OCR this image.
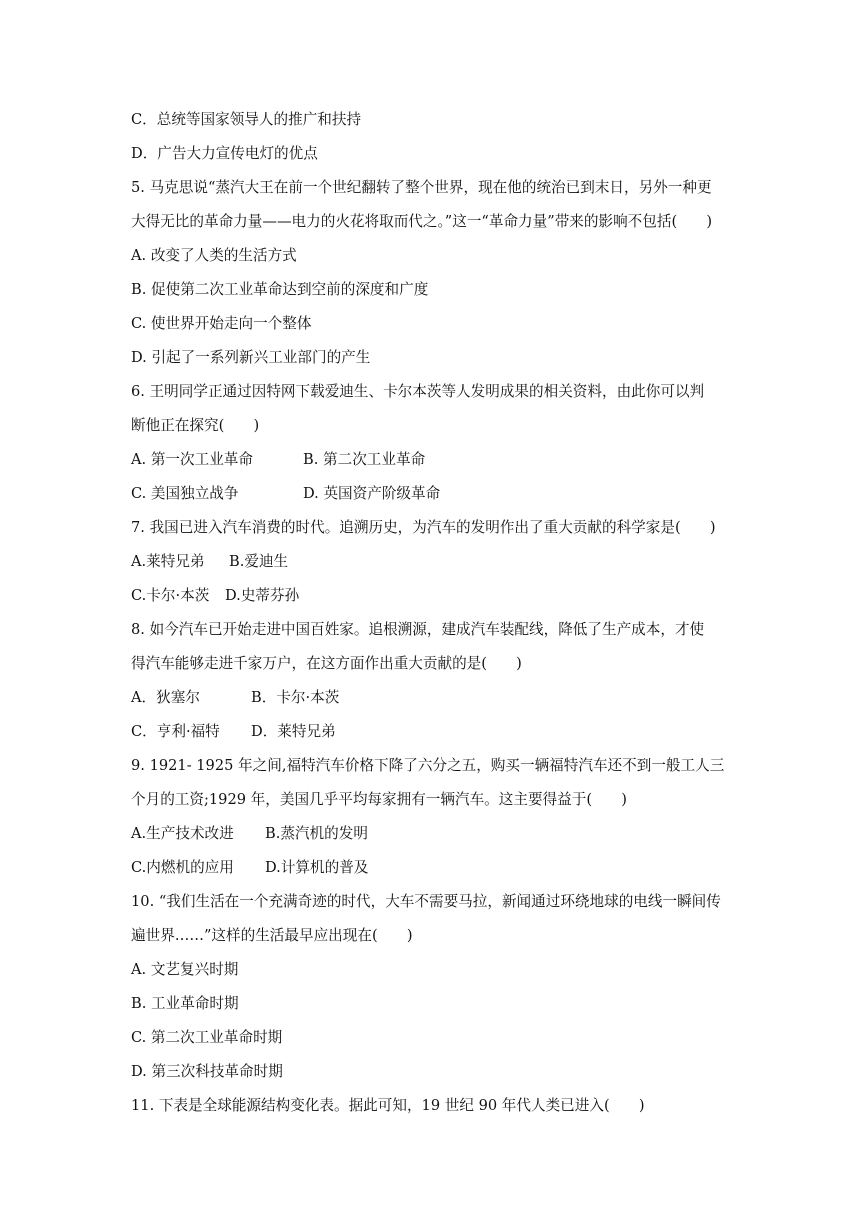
C．总统等国家领导人的推广和扶持
D．广告大力宣传电灯的优点
5. 马克思说“蒸汽大王在前一个世纪翻转了整个世界，现在他的统治已到末日，另外一种更
大得无比的革命力量——电力的火花将取而代之。”这一“革命力量”带来的影响不包括(　　)
A. 改变了人类的生活方式
B. 促使第二次工业革命达到空前的深度和广度
C. 使世界开始走向一个整体
D. 引起了一系列新兴工业部门的产生
6. 王明同学正通过因特网下载爱迪生、卡尔本茨等人发明成果的相关资料，由此你可以判
断他正在探究(　　)
A. 第一次工业革命	B. 第二次工业革命
C. 美国独立战争	D. 英国资产阶级革命
7. 我国已进入汽车消费的时代。追溯历史，为汽车的发明作出了重大贡献的科学家是(　　)
A.莱特兄弟 B.爱迪生
C.卡尔·本茨 D.史蒂芬孙
8. 如今汽车已开始走进中国百姓家。追根溯源，建成汽车装配线，降低了生产成本，才使
得汽车能够走进千家万户，在这方面作出重大贡献的是(　　)
A．狄塞尔	B．卡尔·本茨
C．亨利·福特 D．莱特兄弟
9. 1921- 1925 年之间,福特汽车价格下降了六分之五，购买一辆福特汽车还不到一般工人三
个月的工资;1929 年，美国几乎平均每家拥有一辆汽车。这主要得益于(　　)
A.生产技术改进 B.蒸汽机的发明
C.内燃机的应用 D.计算机的普及
10. “我们生活在一个充满奇迹的时代，大车不需要马拉，新闻通过环绕地球的电线一瞬间传
遍世界……”这样的生活最早应出现在(　　)
A. 文艺复兴时期
B. 工业革命时期
C. 第二次工业革命时期
D. 第三次科技革命时期
11. 下表是全球能源结构变化表。据此可知，19 世纪 90 年代人类已进入(　　)
